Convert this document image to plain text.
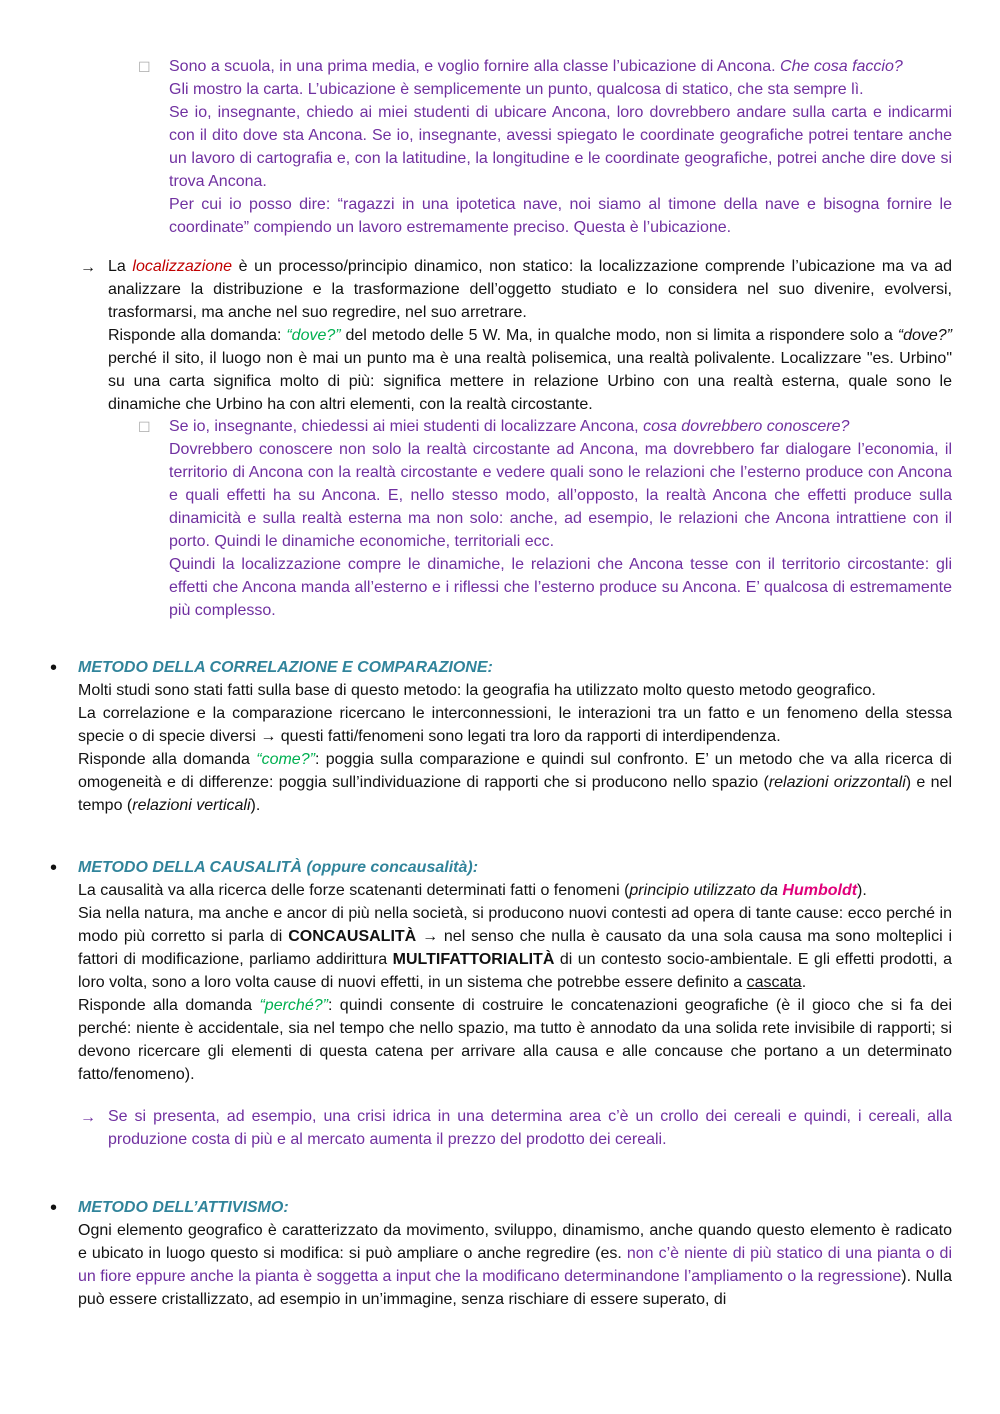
☐ Sono a scuola, in una prima media, e voglio fornire alla classe l’ubicazione di Ancona. Che cosa faccio?

Gli mostro la carta. L’ubicazione è semplicemente un punto, qualcosa di statico, che sta sempre lì.

Se io, insegnante, chiedo ai miei studenti di ubicare Ancona, loro dovrebbero andare sulla carta e indicarmi con il dito dove sta Ancona. Se io, insegnante, avessi spiegato le coordinate geografiche potrei tentare anche un lavoro di cartografia e, con la latitudine, la longitudine e le coordinate geografiche, potrei anche dire dove si trova Ancona.

Per cui io posso dire: “ragazzi in una ipotetica nave, noi siamo al timone della nave e bisogna fornire le coordinate” compiendo un lavoro estremamente preciso. Questa è l’ubicazione.

→ La localizzazione è un processo/principio dinamico, non statico: la localizzazione comprende l’ubicazione ma va ad analizzare la distribuzione e la trasformazione dell’oggetto studiato e lo considera nel suo divenire, evolversi, trasformarsi, ma anche nel suo regredire, nel suo arretrare.

Risponde alla domanda: “dove?” del metodo delle 5 W. Ma, in qualche modo, non si limita a rispondere solo a “dove?” perché il sito, il luogo non è mai un punto ma è una realtà polisemica, una realtà polivalente. Localizzare "es. Urbino" su una carta significa molto di più: significa mettere in relazione Urbino con una realtà esterna, quale sono le dinamiche che Urbino ha con altri elementi, con la realtà circostante.

☐ Se io, insegnante, chiedessi ai miei studenti di localizzare Ancona, cosa dovrebbero conoscere?

Dovrebbero conoscere non solo la realtà circostante ad Ancona, ma dovrebbero far dialogare l’economia, il territorio di Ancona con la realtà circostante e vedere quali sono le relazioni che l’esterno produce con Ancona e quali effetti ha su Ancona. E, nello stesso modo, all’opposto, la realtà Ancona che effetti produce sulla dinamicità e sulla realtà esterna ma non solo: anche, ad esempio, le relazioni che Ancona intrattiene con il porto. Quindi le dinamiche economiche, territoriali ecc.

Quindi la localizzazione compre le dinamiche, le relazioni che Ancona tesse con il territorio circostante: gli effetti che Ancona manda all’esterno e i riflessi che l’esterno produce su Ancona. E’ qualcosa di estremamente più complesso.

• METODO DELLA CORRELAZIONE E COMPARAZIONE:

Molti studi sono stati fatti sulla base di questo metodo: la geografia ha utilizzato molto questo metodo geografico.

La correlazione e la comparazione ricercano le interconnessioni, le interazioni tra un fatto e un fenomeno della stessa specie o di specie diversi → questi fatti/fenomeni sono legati tra loro da rapporti di interdipendenza.

Risponde alla domanda “come?”: poggia sulla comparazione e quindi sul confronto. E’ un metodo che va alla ricerca di omogeneità e di differenze: poggia sull’individuazione di rapporti che si producono nello spazio (relazioni orizzontali) e nel tempo (relazioni verticali).

• METODO DELLA CAUSALITÀ (oppure concausalità):

La causalità va alla ricerca delle forze scatenanti determinati fatti o fenomeni (principio utilizzato da Humboldt).

Sia nella natura, ma anche e ancor di più nella società, si producono nuovi contesti ad opera di tante cause: ecco perché in modo più corretto si parla di CONCAUSALITÀ → nel senso che nulla è causato da una sola causa ma sono molteplici i fattori di modificazione, parliamo addirittura MULTIFATTORIALITÀ di un contesto socio-ambientale. E gli effetti prodotti, a loro volta, sono a loro volta cause di nuovi effetti, in un sistema che potrebbe essere definito a cascata.

Risponde alla domanda “perché?”: quindi consente di costruire le concatenazioni geografiche (è il gioco che si fa dei perché: niente è accidentale, sia nel tempo che nello spazio, ma tutto è annodato da una solida rete invisibile di rapporti; si devono ricercare gli elementi di questa catena per arrivare alla causa e alle concause che portano a un determinato fatto/fenomeno).

→ Se si presenta, ad esempio, una crisi idrica in una determina area c’è un crollo dei cereali e quindi, i cereali, alla produzione costa di più e al mercato aumenta il prezzo del prodotto dei cereali.
• METODO DELL’ATTIVISMO:

Ogni elemento geografico è caratterizzato da movimento, sviluppo, dinamismo, anche quando questo elemento è radicato e ubicato in luogo questo si modifica: si può ampliare o anche regredire (es. non c’è niente di più statico di una pianta o di un fiore eppure anche la pianta è soggetta a input che la modificano determinandone l’ampliamento o la regressione). Nulla può essere cristallizzato, ad esempio in un’immagine, senza rischiare di essere superato, di
